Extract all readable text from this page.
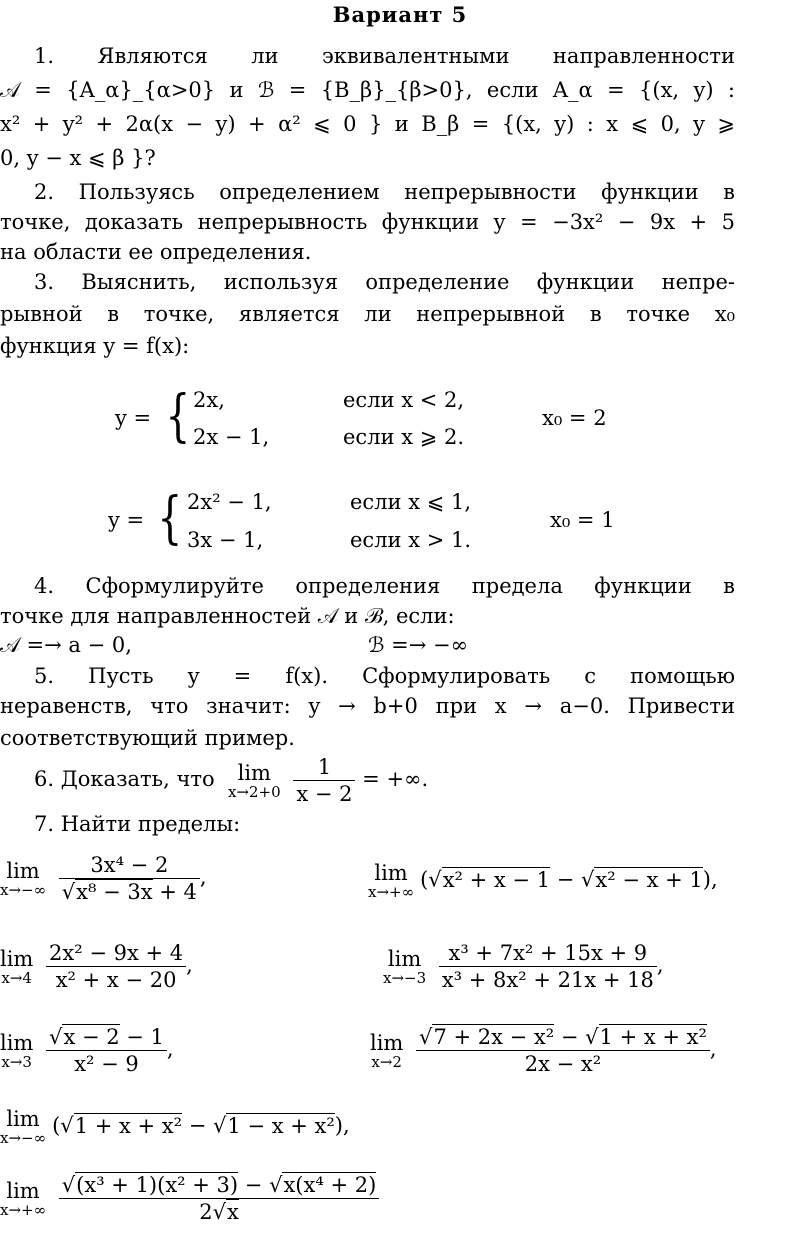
Вариант 5
1. Являются ли эквивалентными направленности
𝒜 = {A_α}_{α>0} и ℬ = {B_β}_{β>0}, если A_α = {(x, y) :
x² + y² + 2α(x − y) + α² ⩽ 0 } и B_β = {(x, y) : x ⩽ 0, y ⩾
0, y − x ⩽ β }?
2. Пользуясь определением непрерывности функции в
точке, доказать непрерывность функции y = −3x² − 9x + 5
на области ее определения.
3. Выяснить, используя определение функции непре-
рывной в точке, является ли непрерывной в точке x₀
функция y = f(x):
y = { 2x,	если x < 2,
2x − 1,	если x ⩾ 2.
x₀ = 2
y = { 2x² − 1,	если x ⩽ 1,
3x − 1,	если x > 1.
x₀ = 1
4. Сформулируйте определения предела функции в
точке для направленностей 𝒜 и ℬ, если:
𝒜 =→ a − 0,	ℬ =→ −∞
5. Пусть y = f(x). Сформулировать с помощью
неравенств, что значит: y → b+0 при x → a−0. Привести
соответствующий пример.
6. Доказать, что	lim
x→2+0
$\frac{1}{x - 2}$ = +∞.
7. Найти пределы:
lim
x→−∞
$\frac{\text{3x⁴ − 2}}{\text{√x⁸ − 3x + 4}}$ ,	lim
x→+∞
(√x² + x − 1 − √x² − x + 1),
lim
x→4
$\frac{\text{2x² − 9x + 4}}{\text{x² + x − 20}}$ ,	lim
x→−3
$\frac{\text{x³ + 7x² + 15x + 9}}{\text{x³ + 8x² + 21x + 18}}$ ,
lim
x→3
$\frac{√x - 2 - 1}{\text{x² − 9}}$ ,	lim
x→2
$\frac{\text{√7 + 2x − x² − √1 + x + x²}}{\text{2x − x²}}$ ,
lim
x→−∞
(√1 + x + x² − √1 − x + x²),
lim
x→+∞
$\frac{\text{√(x³ + 1)(x² + 3) − √x(x⁴ + 2)}}{2√x}$
